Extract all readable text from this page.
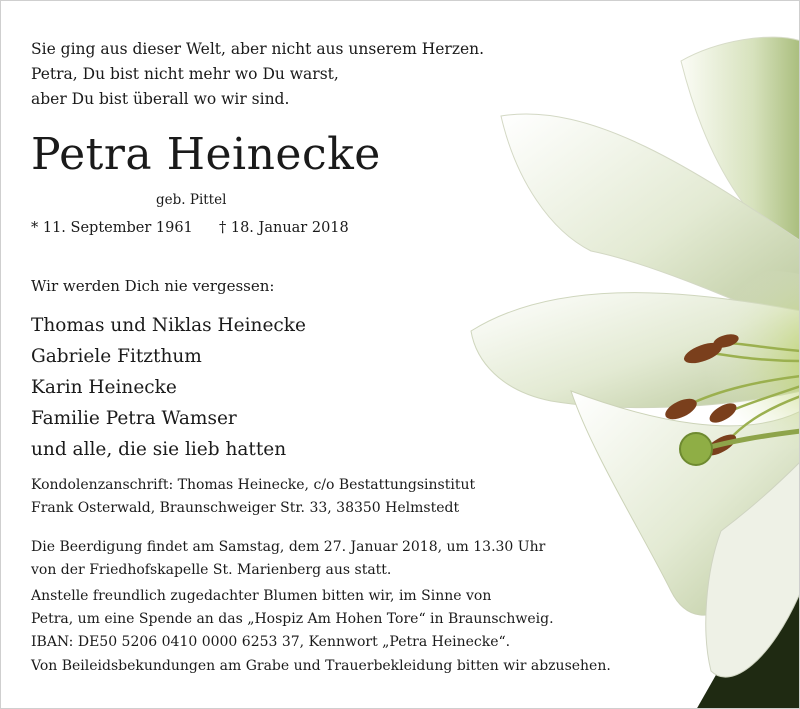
Sie ging aus dieser Welt, aber nicht aus unserem Herzen.
Petra, Du bist nicht mehr wo Du warst,
aber Du bist überall wo wir sind.
Petra Heinecke
geb. Pittel
* 11. September 1961 † 18. Januar 2018
Wir werden Dich nie vergessen:
Thomas und Niklas Heinecke
Gabriele Fitzthum
Karin Heinecke
Familie Petra Wamser
und alle, die sie lieb hatten
Kondolenzanschrift: Thomas Heinecke, c/o Bestattungsinstitut
Frank Osterwald, Braunschweiger Str. 33, 38350 Helmstedt
Die Beerdigung findet am Samstag, dem 27. Januar 2018, um 13.30 Uhr
von der Friedhofskapelle St. Marienberg aus statt.
Anstelle freundlich zugedachter Blumen bitten wir, im Sinne von
Petra, um eine Spende an das „Hospiz Am Hohen Tore“ in Braunschweig.
IBAN: DE50 5206 0410 0000 6253 37, Kennwort „Petra Heinecke“.
Von Beileidsbekundungen am Grabe und Trauerbekleidung bitten wir abzusehen.
